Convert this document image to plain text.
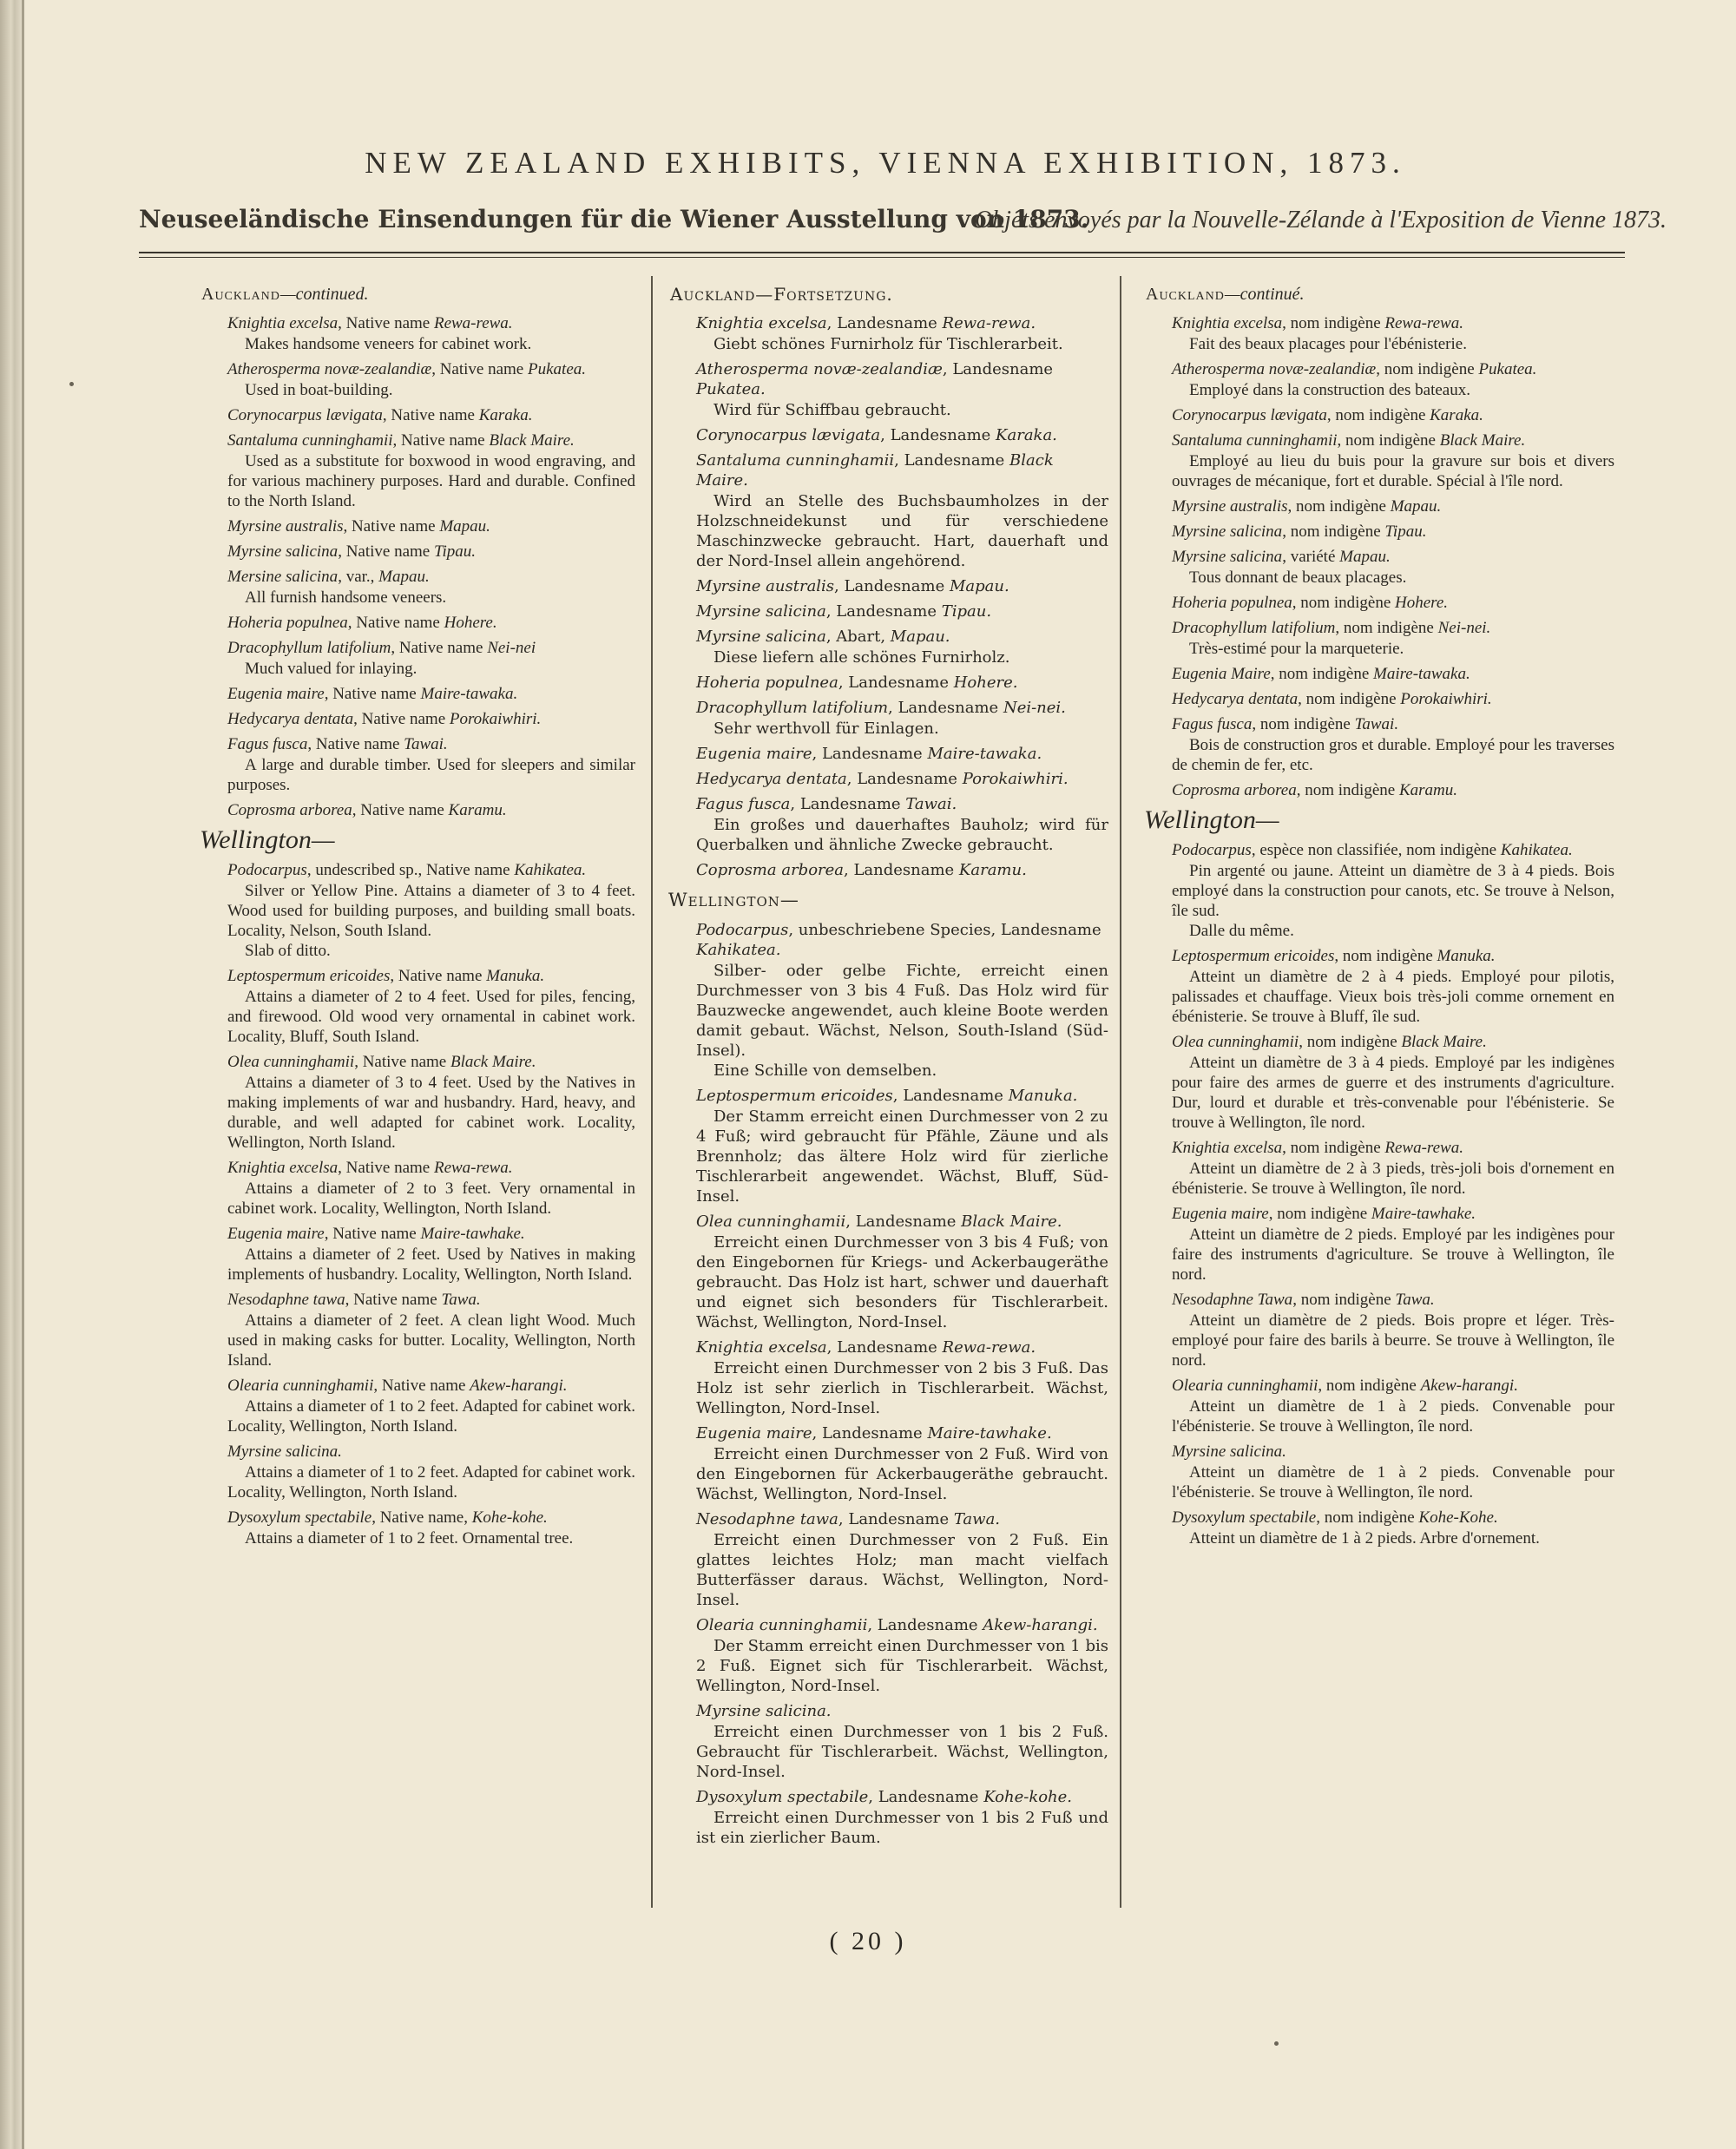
NEW ZEALAND EXHIBITS, VIENNA EXHIBITION, 1873.
Neuseeländische Einsendungen für die Wiener Ausstellung von 1873.
Objets envoyés par la Nouvelle-Zélande à l'Exposition de Vienne 1873.
Auckland—continued.
Knightia excelsa, Native name Rewa-rewa.
Makes handsome veneers for cabinet work.
Atherosperma novæ-zealandiæ, Native name Pukatea.
Used in boat-building.
Corynocarpus lævigata, Native name Karaka.
Santaluma cunninghamii, Native name Black Maire.
Used as a substitute for boxwood in wood engraving, and for various machinery purposes. Hard and durable. Confined to the North Island.
Myrsine australis, Native name Mapau.
Myrsine salicina, Native name Tipau.
Mersine salicina, var., Mapau.
All furnish handsome veneers.
Hoheria populnea, Native name Hohere.
Dracophyllum latifolium, Native name Nei-nei
Much valued for inlaying.
Eugenia maire, Native name Maire-tawaka.
Hedycarya dentata, Native name Porokaiwhiri.
Fagus fusca, Native name Tawai.
A large and durable timber. Used for sleepers and similar purposes.
Coprosma arborea, Native name Karamu.
Wellington—
Podocarpus, undescribed sp., Native name Kahikatea.
Silver or Yellow Pine. Attains a diameter of 3 to 4 feet. Wood used for building purposes, and building small boats. Locality, Nelson, South Island.
Slab of ditto.
Leptospermum ericoides, Native name Manuka.
Attains a diameter of 2 to 4 feet. Used for piles, fencing, and firewood. Old wood very ornamental in cabinet work. Locality, Bluff, South Island.
Olea cunninghamii, Native name Black Maire.
Attains a diameter of 3 to 4 feet. Used by the Natives in making implements of war and husbandry. Hard, heavy, and durable, and well adapted for cabinet work. Locality, Wellington, North Island.
Knightia excelsa, Native name Rewa-rewa.
Attains a diameter of 2 to 3 feet. Very ornamental in cabinet work. Locality, Wellington, North Island.
Eugenia maire, Native name Maire-tawhake.
Attains a diameter of 2 feet. Used by Natives in making implements of husbandry. Locality, Wellington, North Island.
Nesodaphne tawa, Native name Tawa.
Attains a diameter of 2 feet. A clean light Wood. Much used in making casks for butter. Locality, Wellington, North Island.
Olearia cunninghamii, Native name Akew-harangi.
Attains a diameter of 1 to 2 feet. Adapted for cabinet work. Locality, Wellington, North Island.
Myrsine salicina.
Attains a diameter of 1 to 2 feet. Adapted for cabinet work. Locality, Wellington, North Island.
Dysoxylum spectabile, Native name, Kohe-kohe.
Attains a diameter of 1 to 2 feet. Ornamental tree.
Auckland—Fortsetzung.
Knightia excelsa, Landesname Rewa-rewa.
Giebt schönes Furnirholz für Tischlerarbeit.
Atherosperma novæ-zealandiæ, Landesname Pukatea.
Wird für Schiffbau gebraucht.
Corynocarpus lævigata, Landesname Karaka.
Santaluma cunninghamii, Landesname Black Maire.
Wird an Stelle des Buchsbaumholzes in der Holzschneidekunst und für verschiedene Maschinzwecke gebraucht. Hart, dauerhaft und der Nord-Insel allein angehörend.
Myrsine australis, Landesname Mapau.
Myrsine salicina, Landesname Tipau.
Myrsine salicina, Abart, Mapau.
Diese liefern alle schönes Furnirholz.
Hoheria populnea, Landesname Hohere.
Dracophyllum latifolium, Landesname Nei-nei.
Sehr werthvoll für Einlagen.
Eugenia maire, Landesname Maire-tawaka.
Hedycarya dentata, Landesname Porokaiwhiri.
Fagus fusca, Landesname Tawai.
Ein großes und dauerhaftes Bauholz; wird für Querbalken und ähnliche Zwecke gebraucht.
Coprosma arborea, Landesname Karamu.
Wellington—
Podocarpus, unbeschriebene Species, Landesname Kahikatea.
Silber- oder gelbe Fichte, erreicht einen Durchmesser von 3 bis 4 Fuß. Das Holz wird für Bauzwecke angewendet, auch kleine Boote werden damit gebaut. Wächst, Nelson, South-Island (Süd-Insel).
Eine Schille von demselben.
Leptospermum ericoides, Landesname Manuka.
Der Stamm erreicht einen Durchmesser von 2 zu 4 Fuß; wird gebraucht für Pfähle, Zäune und als Brennholz; das ältere Holz wird für zierliche Tischlerarbeit angewendet. Wächst, Bluff, Süd-Insel.
Olea cunninghamii, Landesname Black Maire.
Erreicht einen Durchmesser von 3 bis 4 Fuß; von den Eingebornen für Kriegs- und Ackerbaugeräthe gebraucht. Das Holz ist hart, schwer und dauerhaft und eignet sich besonders für Tischlerarbeit. Wächst, Wellington, Nord-Insel.
Knightia excelsa, Landesname Rewa-rewa.
Erreicht einen Durchmesser von 2 bis 3 Fuß. Das Holz ist sehr zierlich in Tischlerarbeit. Wächst, Wellington, Nord-Insel.
Eugenia maire, Landesname Maire-tawhake.
Erreicht einen Durchmesser von 2 Fuß. Wird von den Eingebornen für Ackerbaugeräthe gebraucht. Wächst, Wellington, Nord-Insel.
Nesodaphne tawa, Landesname Tawa.
Erreicht einen Durchmesser von 2 Fuß. Ein glattes leichtes Holz; man macht vielfach Butterfässer daraus. Wächst, Wellington, Nord-Insel.
Olearia cunninghamii, Landesname Akew-harangi.
Der Stamm erreicht einen Durchmesser von 1 bis 2 Fuß. Eignet sich für Tischlerarbeit. Wächst, Wellington, Nord-Insel.
Myrsine salicina.
Erreicht einen Durchmesser von 1 bis 2 Fuß. Gebraucht für Tischlerarbeit. Wächst, Wellington, Nord-Insel.
Dysoxylum spectabile, Landesname Kohe-kohe.
Erreicht einen Durchmesser von 1 bis 2 Fuß und ist ein zierlicher Baum.
Auckland—continué.
Knightia excelsa, nom indigène Rewa-rewa.
Fait des beaux placages pour l'ébénisterie.
Atherosperma novæ-zealandiæ, nom indigène Pukatea.
Employé dans la construction des bateaux.
Corynocarpus lævigata, nom indigène Karaka.
Santaluma cunninghamii, nom indigène Black Maire.
Employé au lieu du buis pour la gravure sur bois et divers ouvrages de mécanique, fort et durable. Spécial à l'île nord.
Myrsine australis, nom indigène Mapau.
Myrsine salicina, nom indigène Tipau.
Myrsine salicina, variété Mapau.
Tous donnant de beaux placages.
Hoheria populnea, nom indigène Hohere.
Dracophyllum latifolium, nom indigène Nei-nei.
Très-estimé pour la marqueterie.
Eugenia Maire, nom indigène Maire-tawaka.
Hedycarya dentata, nom indigène Porokaiwhiri.
Fagus fusca, nom indigène Tawai.
Bois de construction gros et durable. Employé pour les traverses de chemin de fer, etc.
Coprosma arborea, nom indigène Karamu.
Wellington—
Podocarpus, espèce non classifiée, nom indigène Kahikatea.
Pin argenté ou jaune. Atteint un diamètre de 3 à 4 pieds. Bois employé dans la construction pour canots, etc. Se trouve à Nelson, île sud.
Dalle du même.
Leptospermum ericoides, nom indigène Manuka.
Atteint un diamètre de 2 à 4 pieds. Employé pour pilotis, palissades et chauffage. Vieux bois très-joli comme ornement en ébénisterie. Se trouve à Bluff, île sud.
Olea cunninghamii, nom indigène Black Maire.
Atteint un diamètre de 3 à 4 pieds. Employé par les indigènes pour faire des armes de guerre et des instruments d'agriculture. Dur, lourd et durable et très-convenable pour l'ébénisterie. Se trouve à Wellington, île nord.
Knightia excelsa, nom indigène Rewa-rewa.
Atteint un diamètre de 2 à 3 pieds, très-joli bois d'ornement en ébénisterie. Se trouve à Wellington, île nord.
Eugenia maire, nom indigène Maire-tawhake.
Atteint un diamètre de 2 pieds. Employé par les indigènes pour faire des instruments d'agriculture. Se trouve à Wellington, île nord.
Nesodaphne Tawa, nom indigène Tawa.
Atteint un diamètre de 2 pieds. Bois propre et léger. Très-employé pour faire des barils à beurre. Se trouve à Wellington, île nord.
Olearia cunninghamii, nom indigène Akew-harangi.
Atteint un diamètre de 1 à 2 pieds. Convenable pour l'ébénisterie. Se trouve à Wellington, île nord.
Myrsine salicina.
Atteint un diamètre de 1 à 2 pieds. Convenable pour l'ébénisterie. Se trouve à Wellington, île nord.
Dysoxylum spectabile, nom indigène Kohe-Kohe.
Atteint un diamètre de 1 à 2 pieds. Arbre d'ornement.
( 20 )
